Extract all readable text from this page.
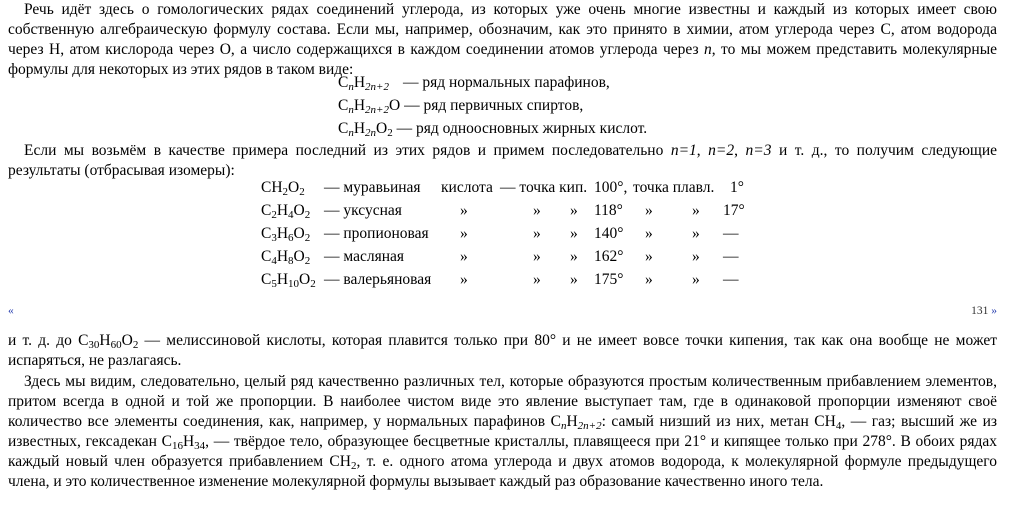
Речь идёт здесь о гомологических рядах соединений углерода, из которых уже очень многие известны и каждый из которых имеет свою собственную алгебраическую формулу состава. Если мы, например, обозначим, как это принято в химии, атом углерода через C, атом водорода через H, атом кислорода через O, а число содержащихся в каждом соединении атомов углерода через n, то мы можем представить молекулярные формулы для некоторых из этих рядов в таком виде:

$C_nH_{2n+2}$ — ряд нормальных парафинов,
$C_nH_{2n+2}O$ — ряд первичных спиртов,
$C_nH_{2n}O_2$ — ряд одноосновных жирных кислот.

Если мы возьмём в качестве примера последний из этих рядов и примем последовательно n=1, n=2, n=3 и т. д., то получим следующие результаты (отбрасывая изомеры):

$CH_2O_2$ — муравьиная кислота — точка кип. 100°, точка плавл. 1°
$C_2H_4O_2$ — уксусная	»	» » 118° »	» 17°
$C_3H_6O_2$ — пропионовая »	» » 140° »	» —
$C_4H_8O_2$ — масляная	»	» » 162° »	» —
$C_5H_{10}O_2$ — валерьяновая »	» » 175° »	» —
«	131 »

и т. д. до $C_{30}H_{60}O_2$ — мелиссиновой кислоты, которая плавится только при 80° и не имеет вовсе точки кипения, так как она вообще не может испаряться, не разлагаясь.

Здесь мы видим, следовательно, целый ряд качественно различных тел, которые образуются простым количественным прибавлением элементов, притом всегда в одной и той же пропорции. В наиболее чистом виде это явление выступает там, где в одинаковой пропорции изменяют своё количество все элементы соединения, как, например, у нормальных парафинов $C_nH_{2n+2}$: самый низший из них, метан $CH_4$, — газ; высший же из известных, гексадекан $C_{16}H_{34}$, — твёрдое тело, образующее бесцветные кристаллы, плавящееся при 21° и кипящее только при 278°. В обоих рядах каждый новый член образуется прибавлением $CH_2$, т. е. одного атома углерода и двух атомов водорода, к молекулярной формуле предыдущего члена, и это количественное изменение молекулярной формулы вызывает каждый раз образование качественно иного тела.
